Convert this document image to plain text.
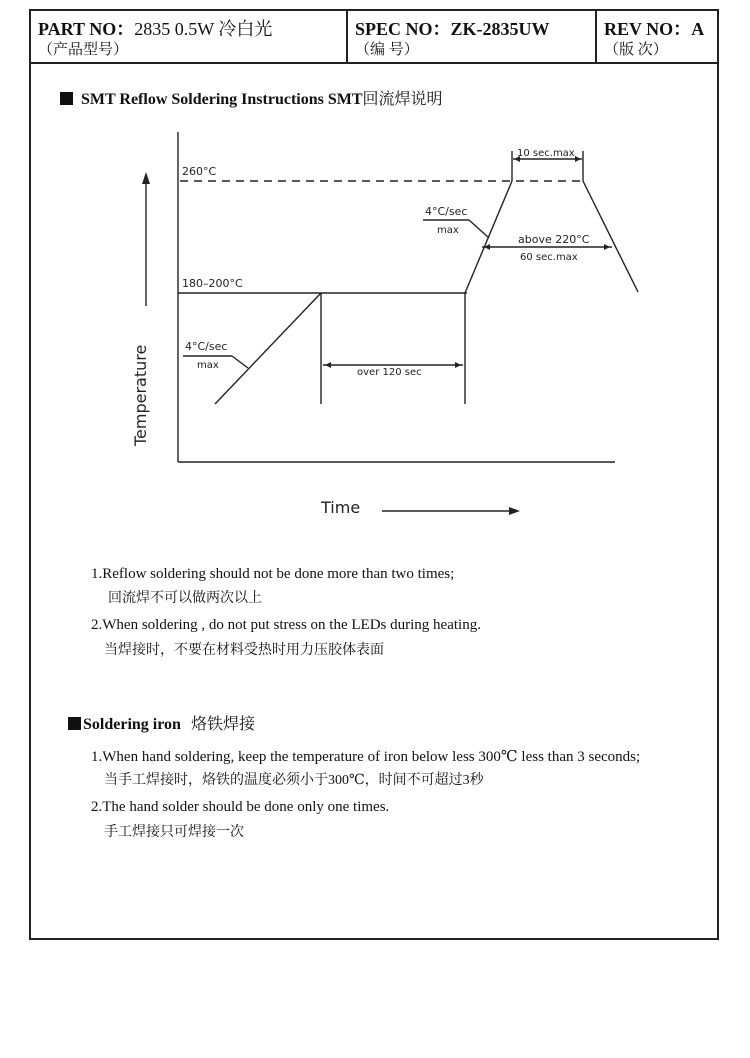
PART NO：2835 0.5W 冷白光
（产品型号）
SPEC NO：ZK-2835UW
（编 号）
REV NO：A
（版 次）
SMT Reflow Soldering Instructions SMT回流焊说明
260°C
180–200°C
10 sec.max
4°C/sec
max
above 220°C
60 sec.max
4°C/sec
max
over 120 sec
Temperature
Time
1.Reflow soldering should not be done more than two times;
回流焊不可以做两次以上
2.When soldering , do not put stress on the LEDs during heating.
当焊接时，不要在材料受热时用力压胶体表面
Soldering iron 烙铁焊接
1.When hand soldering, keep the temperature of iron below less 300℃ less than 3 seconds;
当手工焊接时，烙铁的温度必须小于300℃，时间不可超过3秒
2.The hand solder should be done only one times.
手工焊接只可焊接一次
